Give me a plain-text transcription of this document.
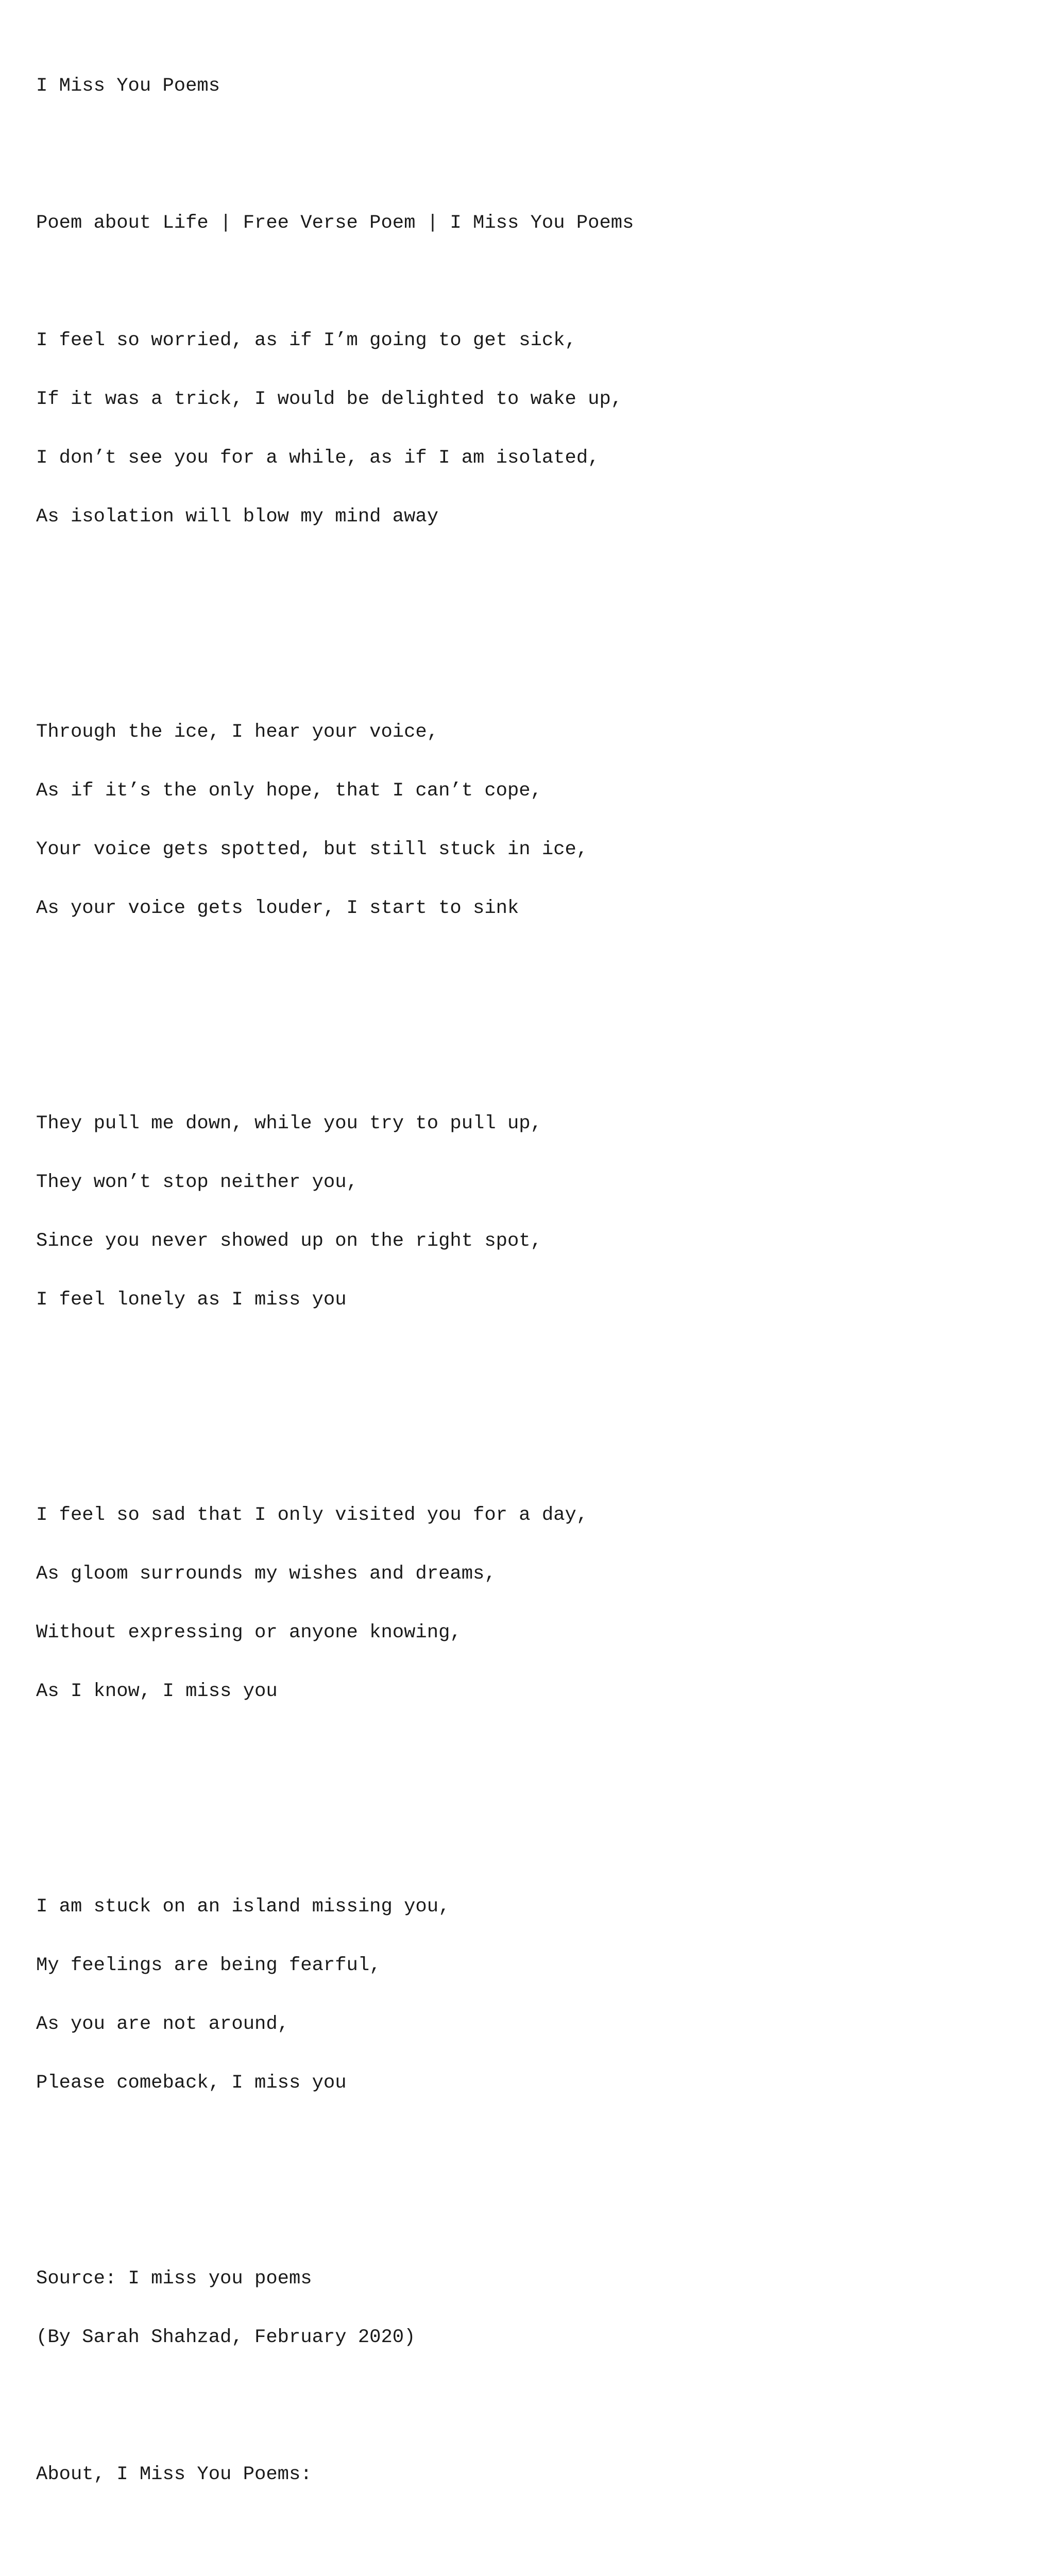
I Miss You Poems

Poem about Life | Free Verse Poem | I Miss You Poems

I feel so worried, as if I’m going to get sick,

If it was a trick, I would be delighted to wake up,

I don’t see you for a while, as if I am isolated,

As isolation will blow my mind away

Through the ice, I hear your voice,

As if it’s the only hope, that I can’t cope,

Your voice gets spotted, but still stuck in ice,

As your voice gets louder, I start to sink

They pull me down, while you try to pull up,

They won’t stop neither you,

Since you never showed up on the right spot,

I feel lonely as I miss you

I feel so sad that I only visited you for a day,

As gloom surrounds my wishes and dreams,

Without expressing or anyone knowing,

As I know, I miss you

I am stuck on an island missing you,

My feelings are being fearful,

As you are not around,

Please comeback, I miss you

Source: I miss you poems

(By Sarah Shahzad, February 2020)

About, I Miss You Poems:
